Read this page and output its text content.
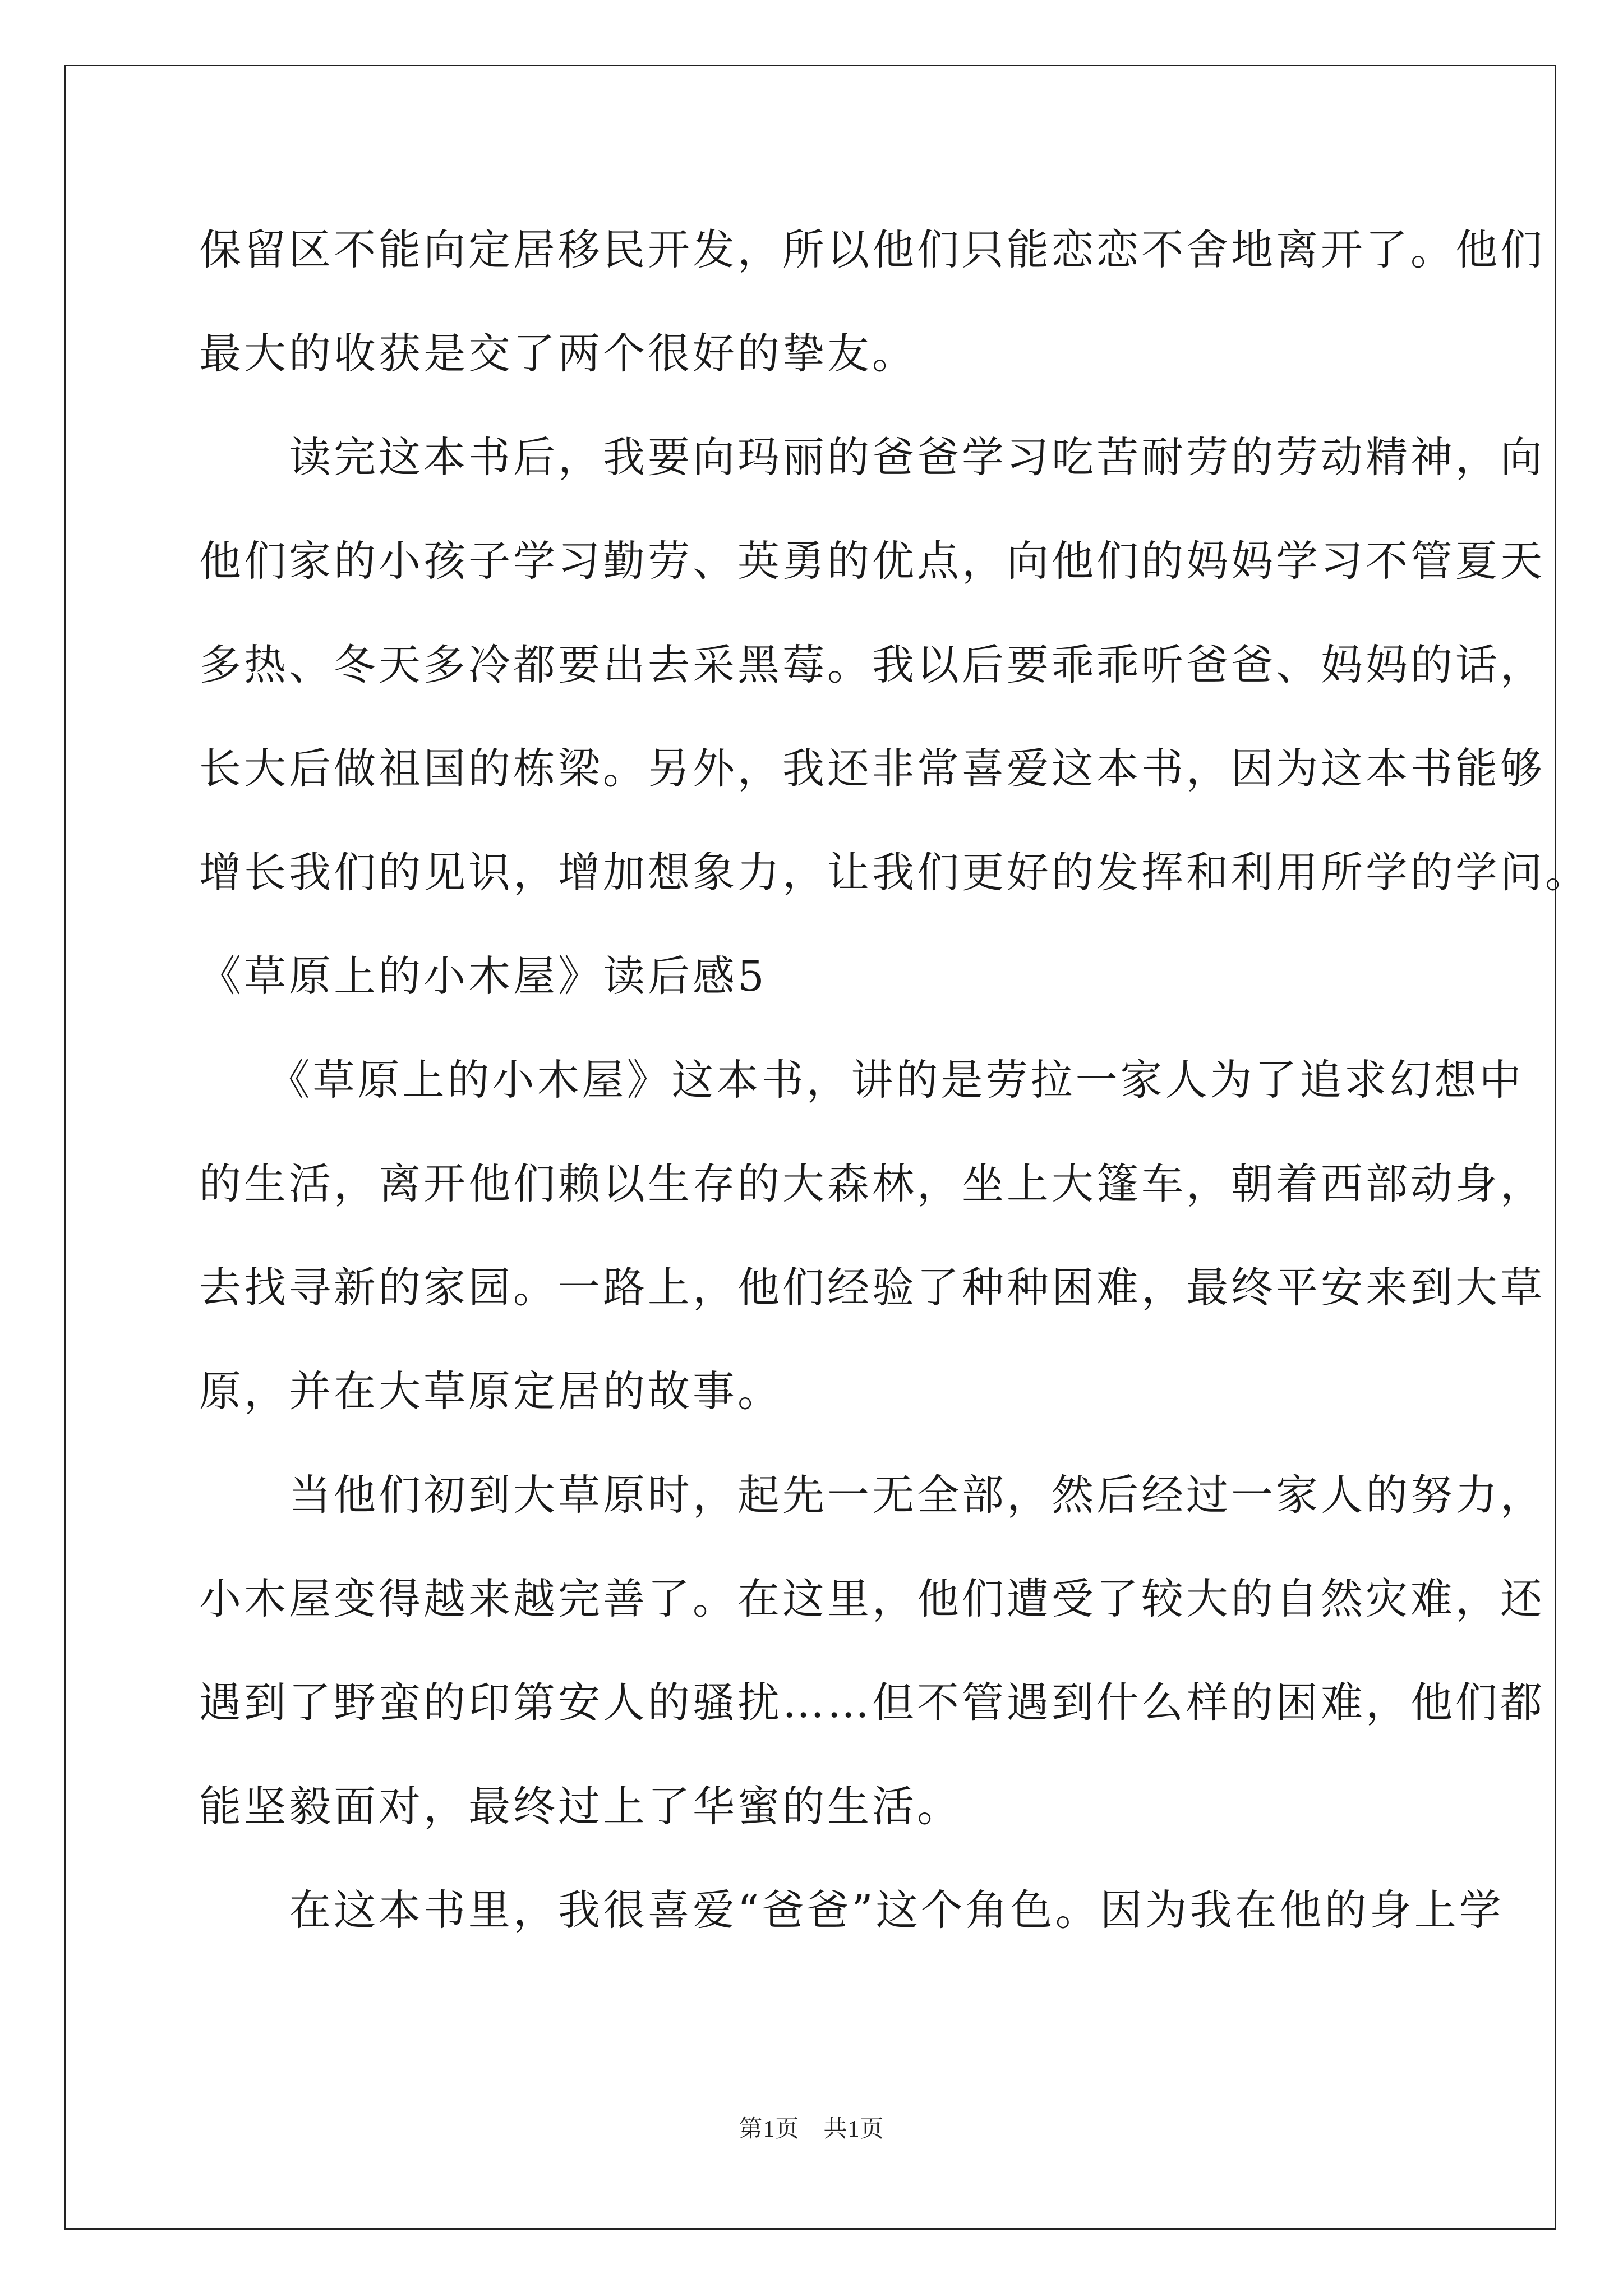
保留区不能向定居移民开发，所以他们只能恋恋不舍地离开了。他们
最大的收获是交了两个很好的挚友。
　　读完这本书后，我要向玛丽的爸爸学习吃苦耐劳的劳动精神，向
他们家的小孩子学习勤劳、英勇的优点，向他们的妈妈学习不管夏天
多热、冬天多冷都要出去采黑莓。我以后要乖乖听爸爸、妈妈的话，
长大后做祖国的栋梁。另外，我还非常喜爱这本书，因为这本书能够
增长我们的见识，增加想象力，让我们更好的发挥和利用所学的学问。
《草原上的小木屋》读后感5
　　《草原上的小木屋》这本书，讲的是劳拉一家人为了追求幻想中
的生活，离开他们赖以生存的大森林，坐上大篷车，朝着西部动身，
去找寻新的家园。一路上，他们经验了种种困难，最终平安来到大草
原，并在大草原定居的故事。
　　当他们初到大草原时，起先一无全部，然后经过一家人的努力，
小木屋变得越来越完善了。在这里，他们遭受了较大的自然灾难，还
遇到了野蛮的印第安人的骚扰……但不管遇到什么样的困难，他们都
能坚毅面对，最终过上了华蜜的生活。
　　在这本书里，我很喜爱“爸爸”这个角色。因为我在他的身上学
第1页　共1页
